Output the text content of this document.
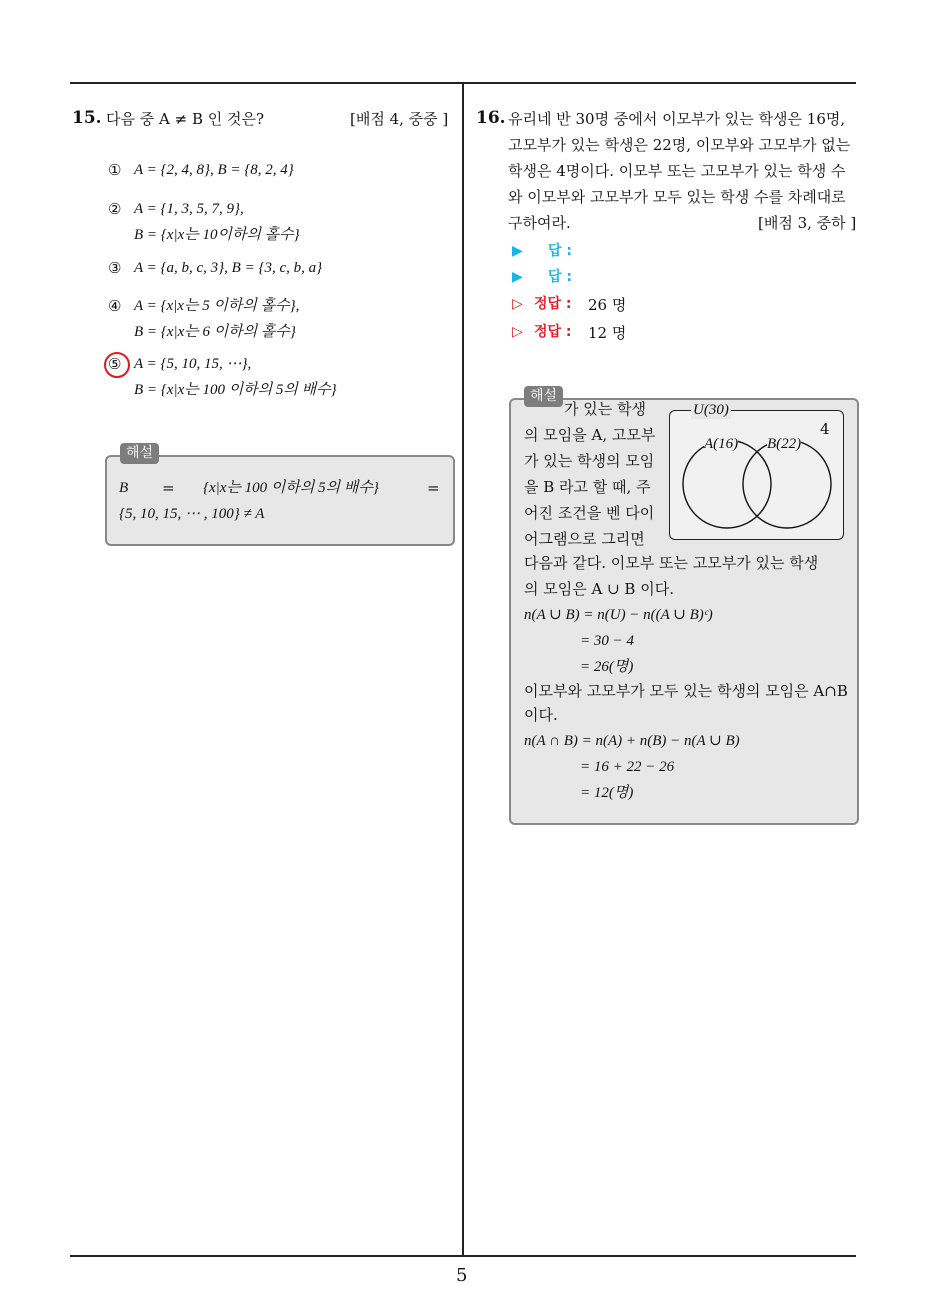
5
15. 다음 중 A ≠ B 인 것은?	[배점 4, 중중 ]
① A = {2, 4, 8}, B = {8, 2, 4}
② A = {1, 3, 5, 7, 9},
B = {x|x는 10이하의 홀수}
③ A = {a, b, c, 3}, B = {3, c, b, a}
④ A = {x|x는 5 이하의 홀수},
B = {x|x는 6 이하의 홀수}
⑤ A = {5, 10, 15, ⋯},
B = {x|x는 100 이하의 5의 배수}
B = {x|x는 100 이하의 5의 배수}	=
{5, 10, 15, ⋯ , 100} ≠ A
해설
16. 유리네 반 30명 중에서 이모부가 있는 학생은 16명,
고모부가 있는 학생은 22명, 이모부와 고모부가 없는
학생은 4명이다. 이모부 또는 고모부가 있는 학생 수
와 이모부와 고모부가 모두 있는 학생 수를 차례대로
구하여라.	[배점 3, 중하 ]
▶ 답 :
▶ 답 :
▷ 정답 : 26 명
▷ 정답 : 12 명
가 있는 학생
의 모임을 A, 고모부
가 있는 학생의 모임
을 B 라고 할 때, 주
어진 조건을 벤 다이
어그램으로 그리면
U(30)
4
A(16) B(22)
다음과 같다. 이모부 또는 고모부가 있는 학생
의 모임은 A ∪ B 이다.
n(A ∪ B) = n(U) − n((A ∪ B)ᶜ)
= 30 − 4
= 26(명)
이모부와 고모부가 모두 있는 학생의 모임은 A∩B
이다.
n(A ∩ B) = n(A) + n(B) − n(A ∪ B)
= 16 + 22 − 26
= 12(명)
해설
